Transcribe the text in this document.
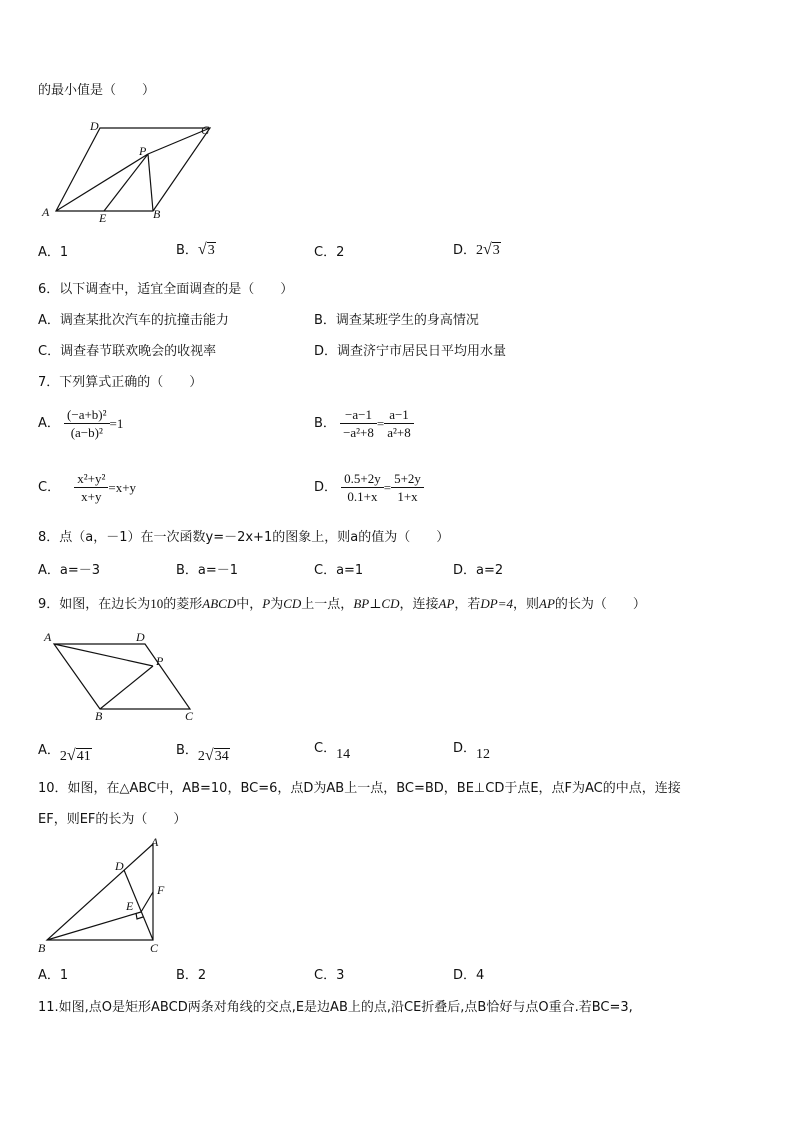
的最小值是（　　）
D	C
P
A	E	B
A．1	B．√3	C．2	D．2√3
6．以下调查中，适宜全面调查的是（　　）
A．调查某批次汽车的抗撞击能力	B．调查某班学生的身高情况
C．调查春节联欢晚会的收视率	D．调查济宁市居民日平均用水量
7．下列算式正确的（　　）
A． $\frac{\text{(−a+b)²}}{\text{(a−b)²}} =1$	B． $\frac{-a-1}{\text{−a²+8}} = \frac{a-1}{\text{a²+8}}$
C． $\frac{\text{x²+y²}}{x+y} =x+y$	D． $\frac{0.5+2y}{0.1+x} = \frac{5+2y}{1+x}$
8．点（a，－1）在一次函数y=－2x+1的图象上，则a的值为（　　）
A．a=－3	B．a=－1	C．a=1	D．a=2
9．如图，在边长为10的菱形ABCD中，P为CD上一点，BP⊥CD，连接AP，若DP=4，则AP的长为（　　）
A	D
P
B	C
A．2√41	B．2√34
C．14	D．12
10．如图，在△ABC中，AB=10，BC=6，点D为AB上一点，BC=BD，BE⊥CD于点E，点F为AC的中点，连接
EF，则EF的长为（　　）
A
D
F
E
B	C
A．1	B．2	C．3	D．4
11.如图,点O是矩形ABCD两条对角线的交点,E是边AB上的点,沿CE折叠后,点B恰好与点O重合.若BC=3,
